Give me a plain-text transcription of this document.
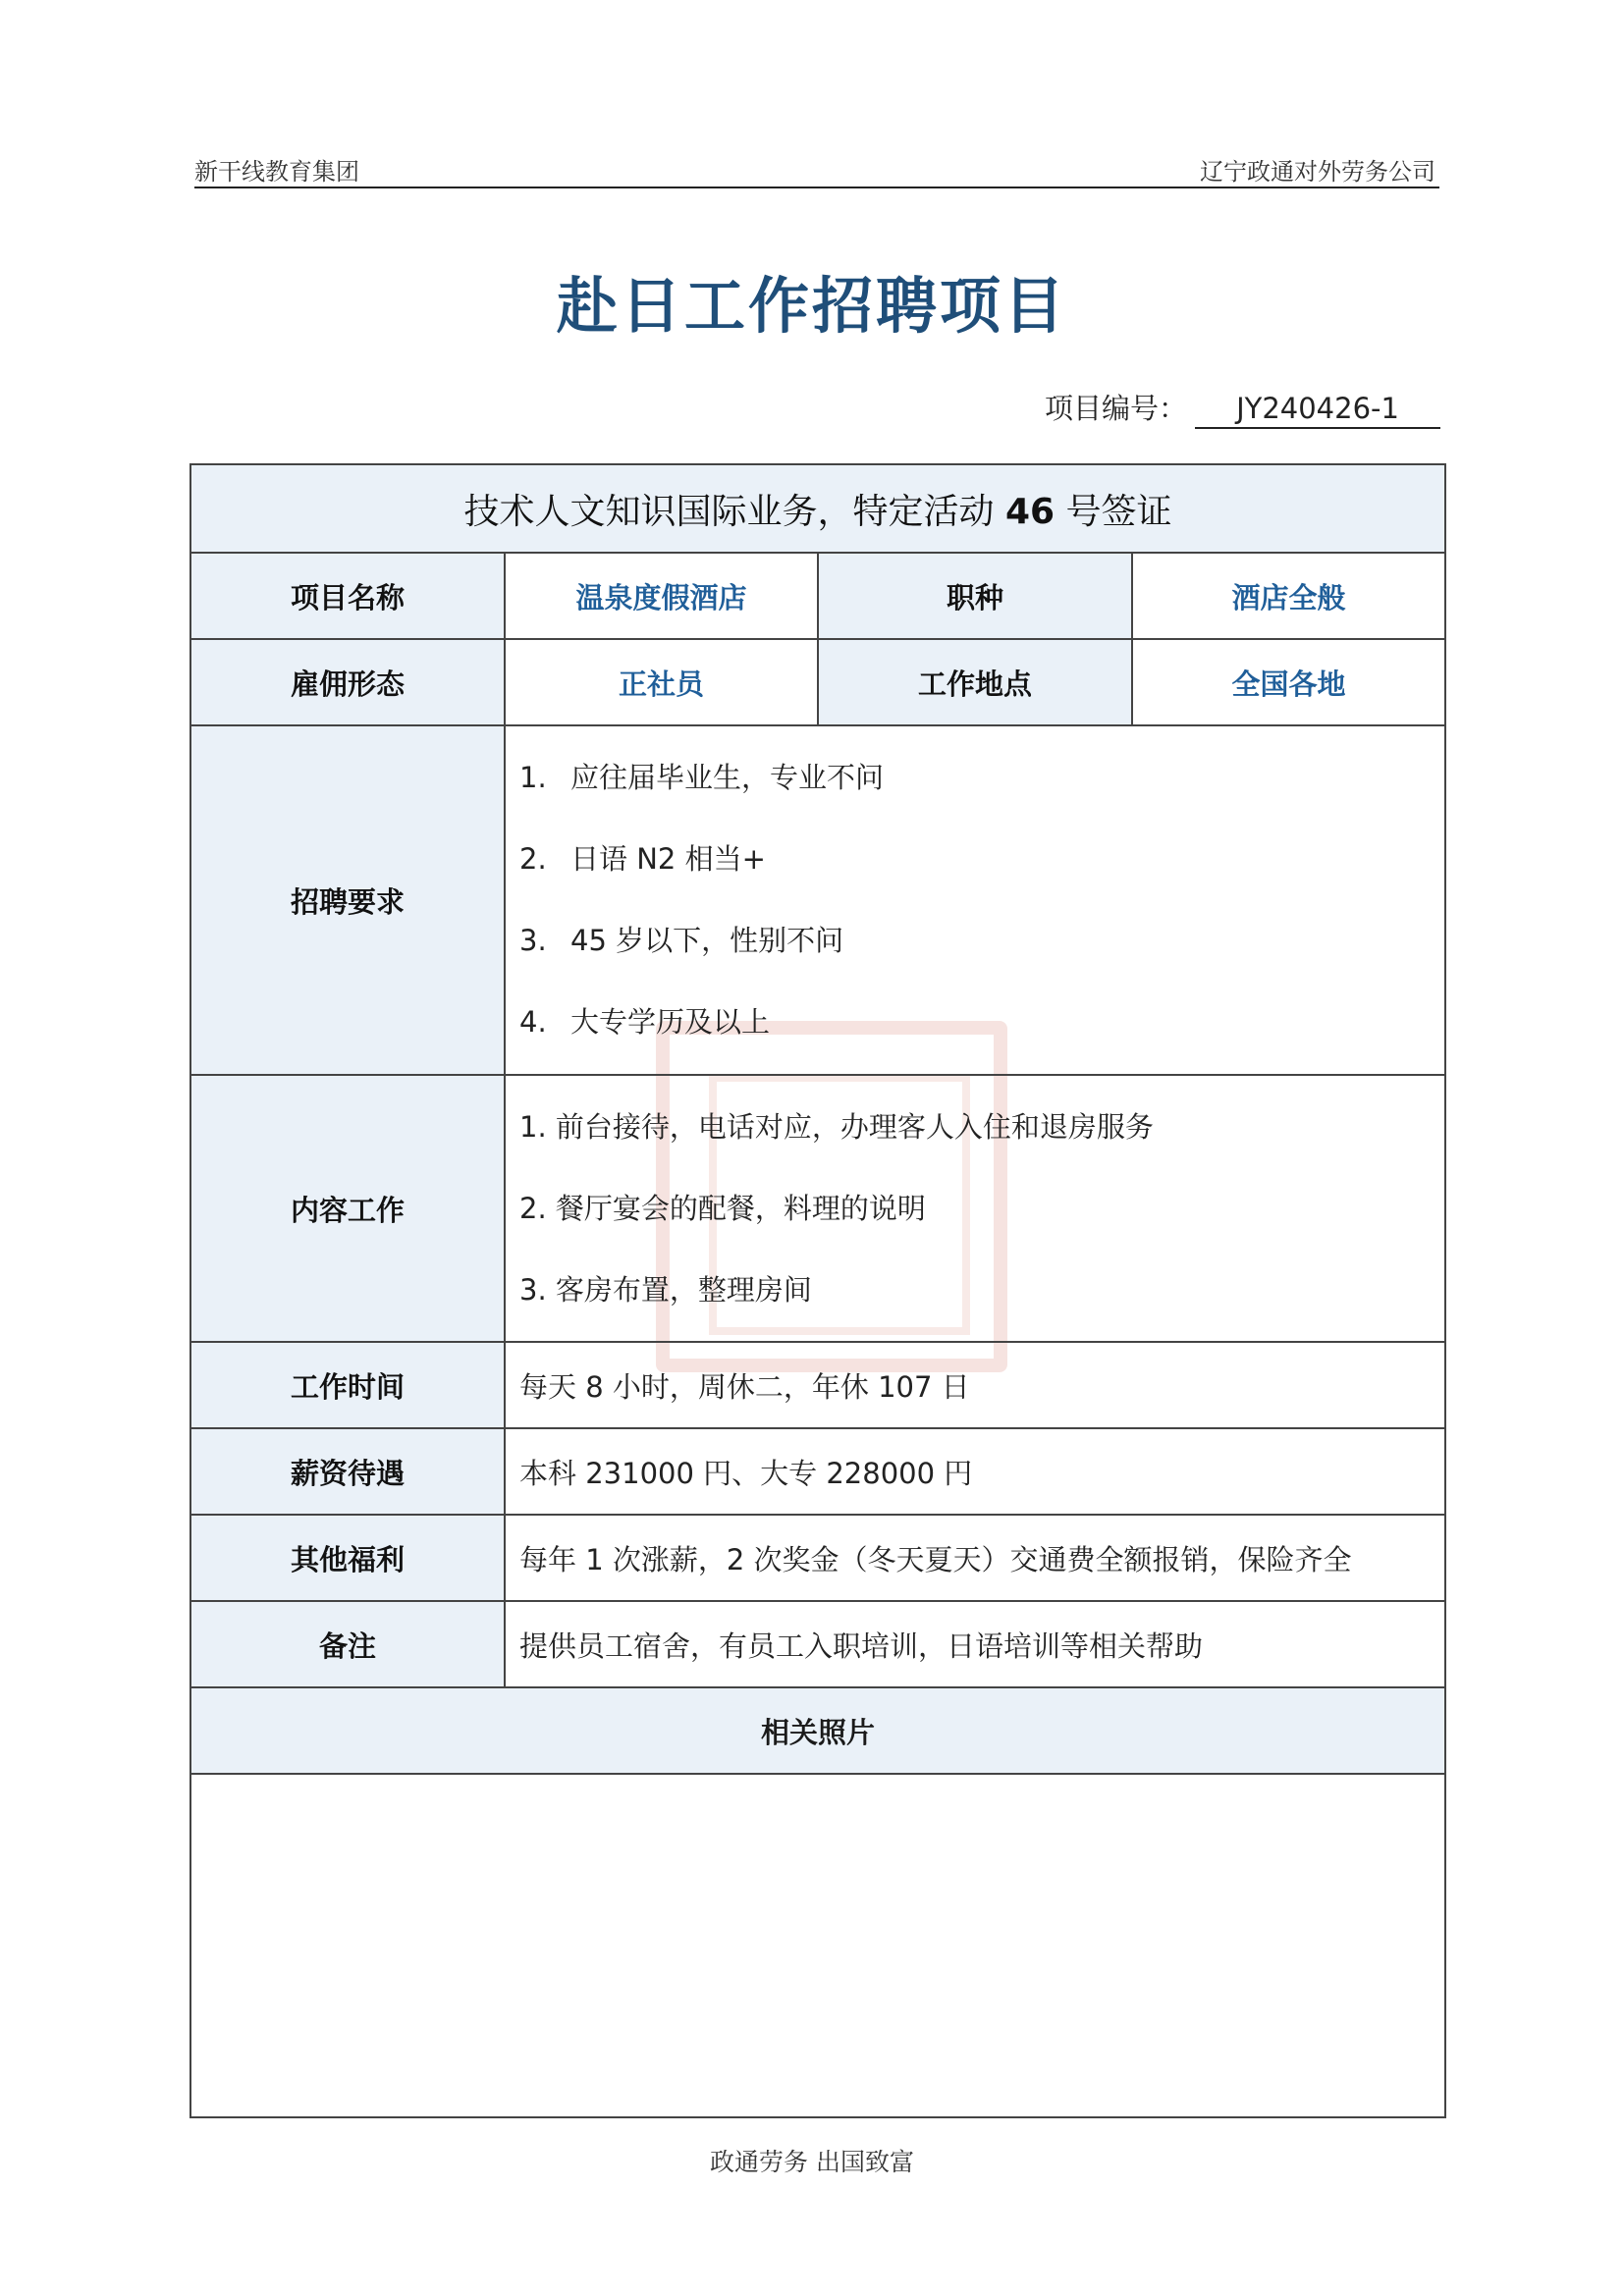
新干线教育集团	辽宁政通对外劳务公司
赴日工作招聘项目
项目编号： JY240426-1
技术人文知识国际业务，特定活动 46 号签证			
项目名称	温泉度假酒店	职种	酒店全般
雇佣形态	正社员	工作地点	全国各地
招聘要求	1. 应往届毕业生，专业不问
2. 日语 N2 相当+
3. 45 岁以下，性别不问
4. 大专学历及以上		

内容工作	1. 前台接待，电话对应，办理客人入住和退房服务
2. 餐厅宴会的配餐，料理的说明
3. 客房布置，整理房间		

工作时间	每天 8 小时，周休二，年休 107 日		
薪资待遇	本科 231000 円、大专 228000 円		
其他福利	每年 1 次涨薪，2 次奖金（冬天夏天）交通费全额报销，保险齐全		
备注	提供员工宿舍，有员工入职培训，日语培训等相关帮助		
相关照片			

政通劳务 出国致富
